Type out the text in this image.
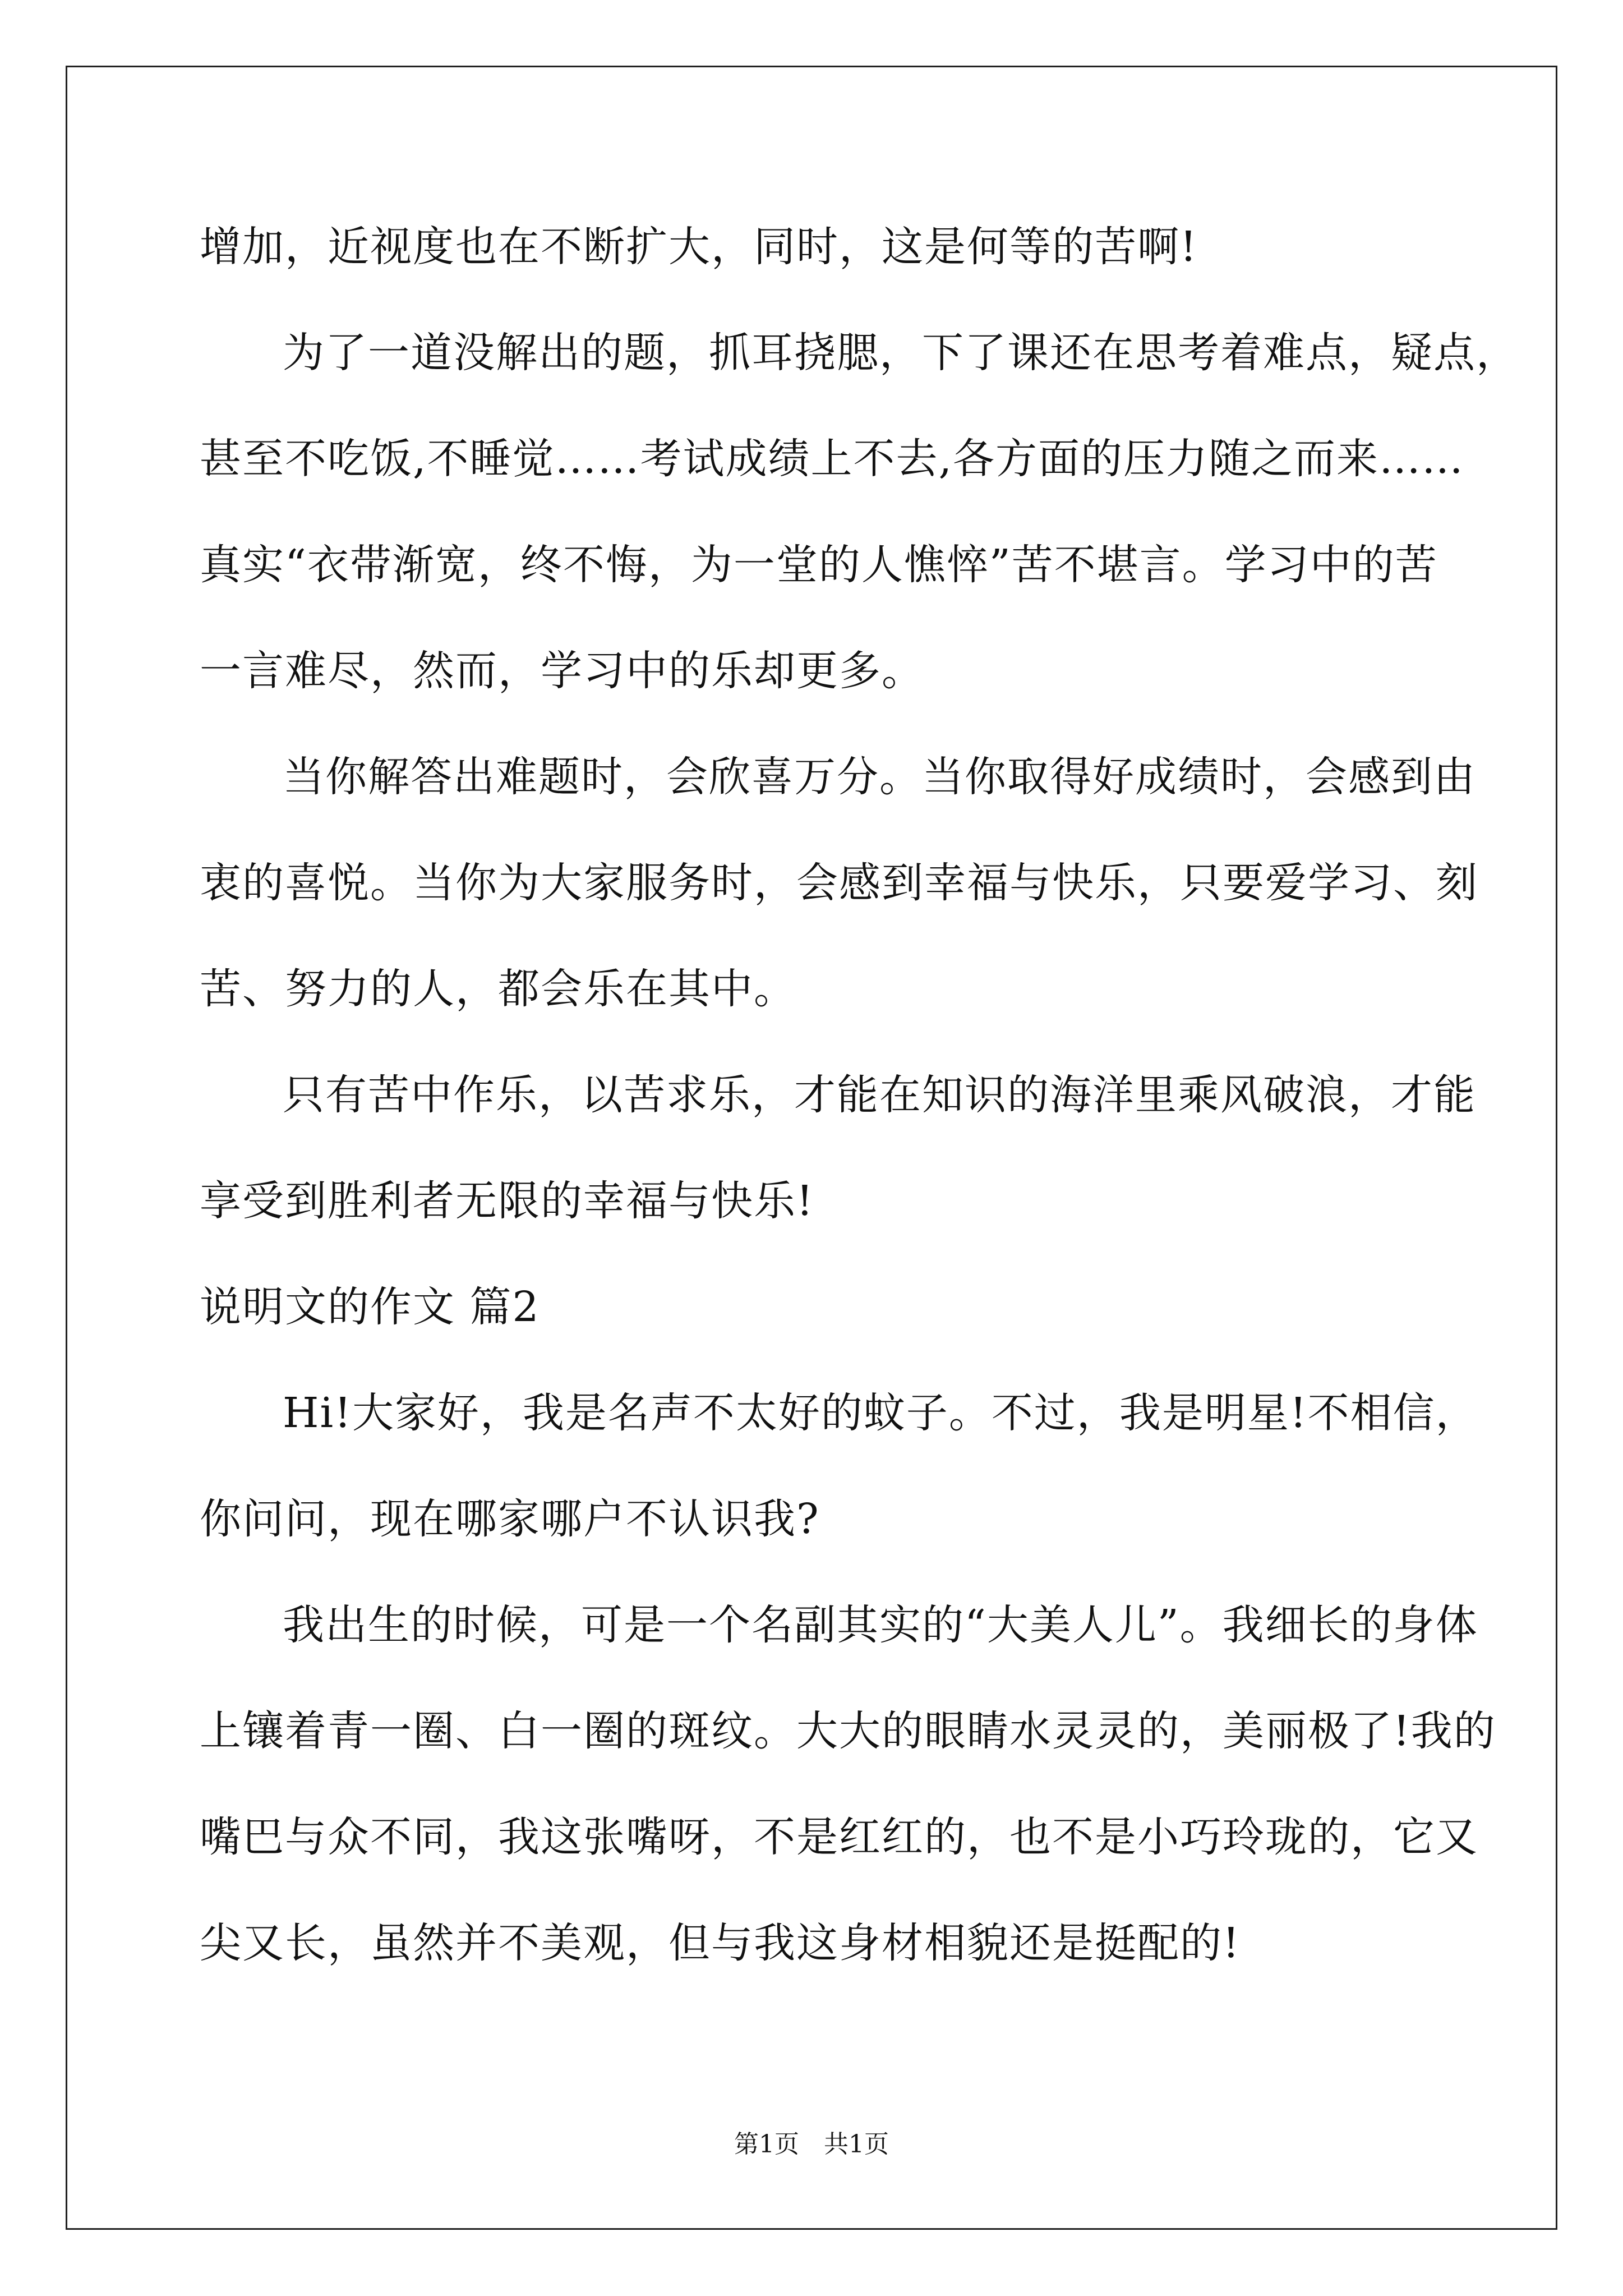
增加，近视度也在不断扩大，同时，这是何等的苦啊!
为了一道没解出的题，抓耳挠腮，下了课还在思考着难点，疑点，
甚至不吃饭,不睡觉……考试成绩上不去,各方面的压力随之而来……
真实“衣带渐宽，终不悔，为一堂的人憔悴”苦不堪言。学习中的苦
一言难尽，然而，学习中的乐却更多。
当你解答出难题时，会欣喜万分。当你取得好成绩时，会感到由
衷的喜悦。当你为大家服务时，会感到幸福与快乐，只要爱学习、刻
苦、努力的人，都会乐在其中。
只有苦中作乐，以苦求乐，才能在知识的海洋里乘风破浪，才能
享受到胜利者无限的幸福与快乐!
说明文的作文 篇2
Hi!大家好，我是名声不太好的蚊子。不过，我是明星!不相信，
你问问，现在哪家哪户不认识我?
我出生的时候，可是一个名副其实的“大美人儿”。我细长的身体
上镶着青一圈、白一圈的斑纹。大大的眼睛水灵灵的，美丽极了!我的
嘴巴与众不同，我这张嘴呀，不是红红的，也不是小巧玲珑的，它又
尖又长，虽然并不美观，但与我这身材相貌还是挺配的!
第1页　共1页
